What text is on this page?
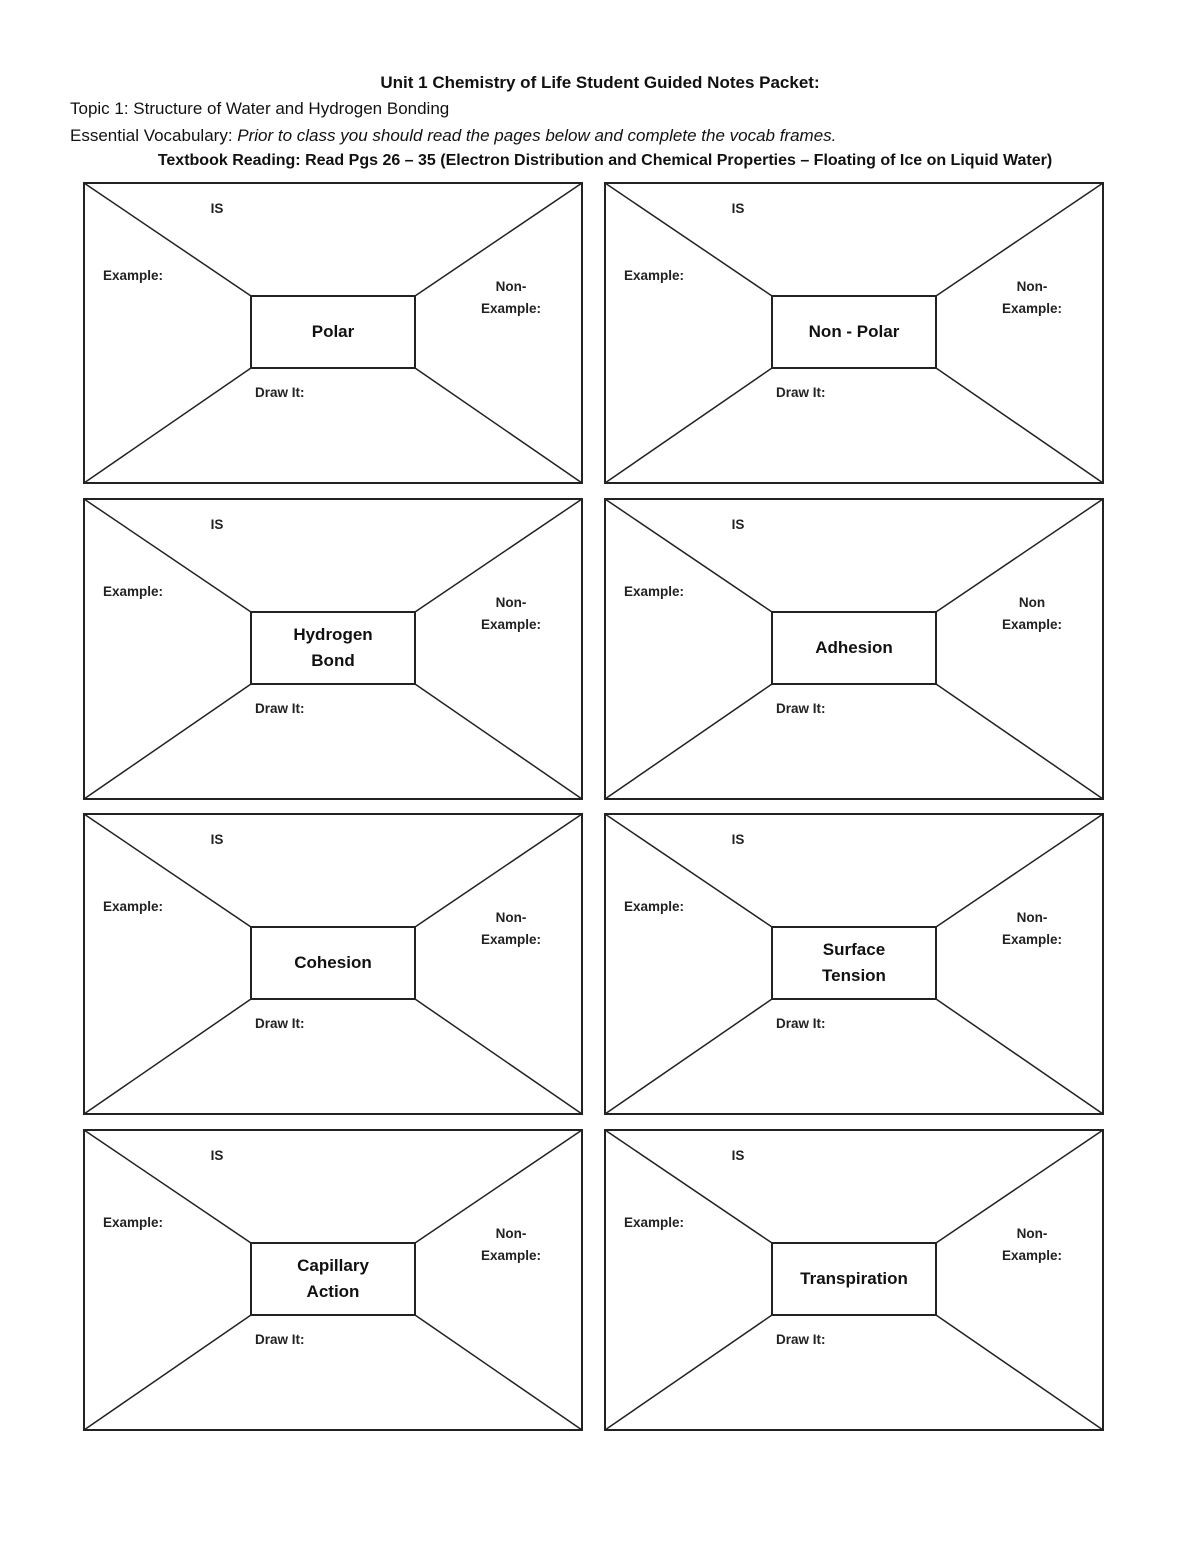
Unit 1 Chemistry of Life Student Guided Notes Packet:
Topic 1: Structure of Water and Hydrogen Bonding
Essential Vocabulary: Prior to class you should read the pages below and complete the vocab frames.
Textbook Reading: Read Pgs 26 – 35 (Electron Distribution and Chemical Properties – Floating of Ice on Liquid Water)
IS
Example:
Non-
Example:
Draw It:
Polar
IS
Example:
Non-
Example:
Draw It:
Non - Polar
IS
Example:
Non-
Example:
Draw It:
Hydrogen
Bond
IS
Example:
Non
Example:
Draw It:
Adhesion
IS
Example:
Non-
Example:
Draw It:
Cohesion
IS
Example:
Non-
Example:
Draw It:
Surface
Tension
IS
Example:
Non-
Example:
Draw It:
Capillary
Action
IS
Example:
Non-
Example:
Draw It:
Transpiration
